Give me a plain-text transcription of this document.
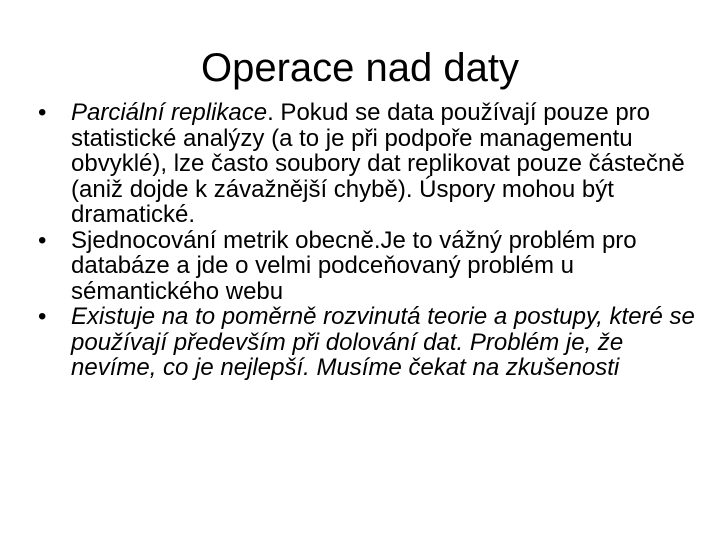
Operace nad daty
• Parciální replikace. Pokud se data používají pouze pro statistické analýzy (a to je při podpoře managementu obvyklé), lze často soubory dat replikovat pouze částečně (aniž dojde k závažnější chybě). Úspory mohou být dramatické.
• Sjednocování metrik obecně.Je to vážný problém pro databáze a jde o velmi podceňovaný problém u sémantického webu
• Existuje na to poměrně rozvinutá teorie a postupy, které se používají především při dolování dat. Problém je, že nevíme, co je nejlepší. Musíme čekat na zkušenosti
